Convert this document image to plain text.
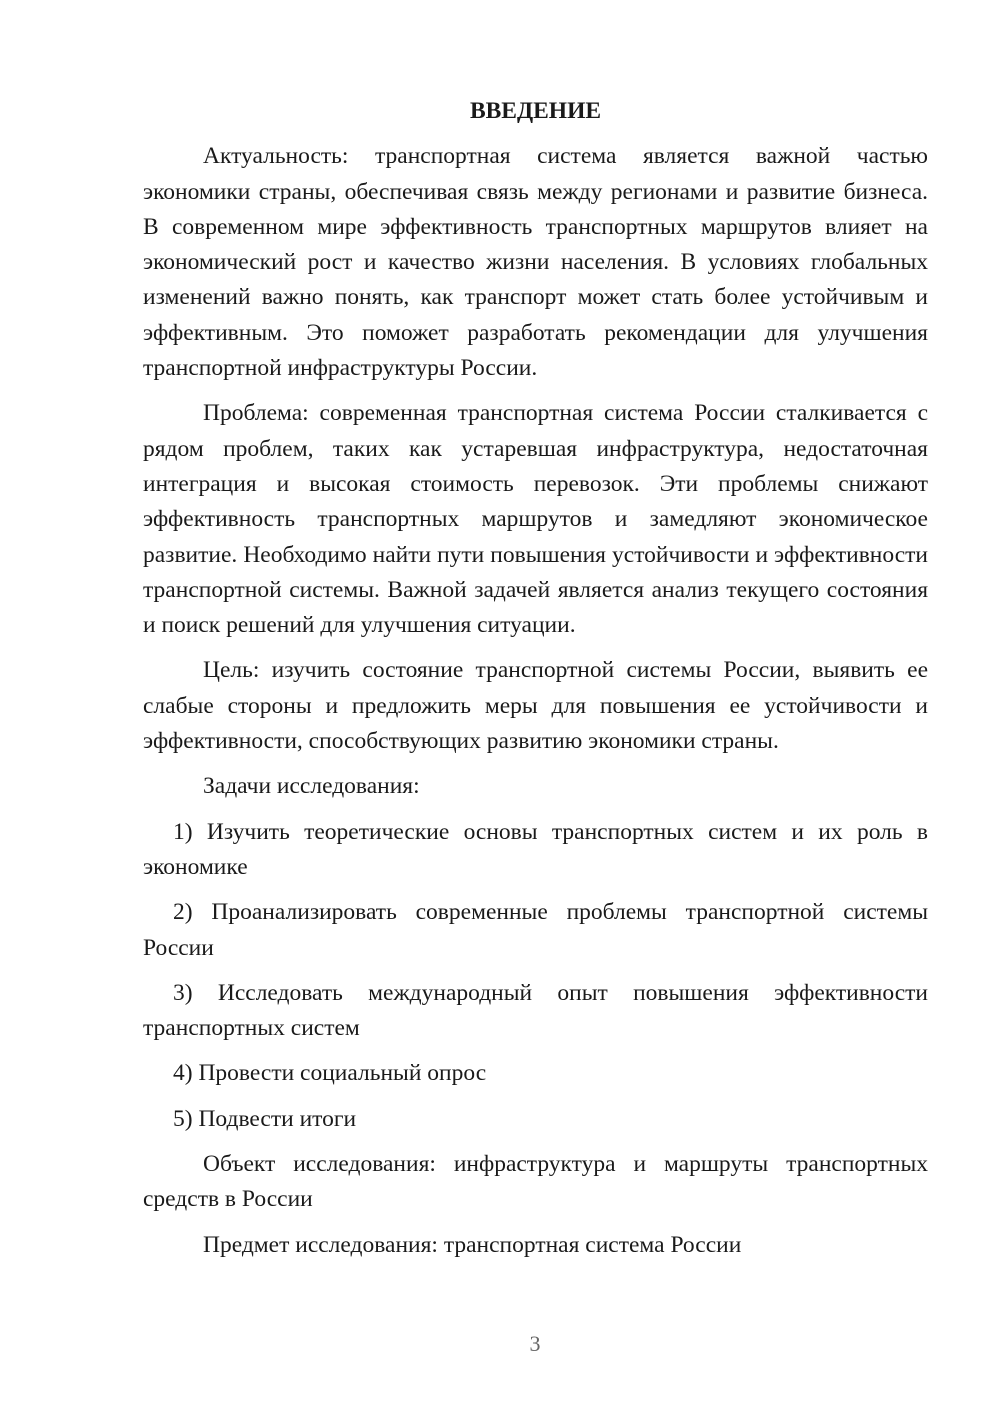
ВВЕДЕНИЕ

Актуальность: транспортная система является важной частью экономики страны, обеспечивая связь между регионами и развитие бизнеса. В современном мире эффективность транспортных маршрутов влияет на экономический рост и качество жизни населения. В условиях глобальных изменений важно понять, как транспорт может стать более устойчивым и эффективным. Это поможет разработать рекомендации для улучшения транспортной инфраструктуры России.

Проблема: современная транспортная система России сталкивается с рядом проблем, таких как устаревшая инфраструктура, недостаточная интеграция и высокая стоимость перевозок. Эти проблемы снижают эффективность транспортных маршрутов и замедляют экономическое развитие. Необходимо найти пути повышения устойчивости и эффективности транспортной системы. Важной задачей является анализ текущего состояния и поиск решений для улучшения ситуации.

Цель: изучить состояние транспортной системы России, выявить ее слабые стороны и предложить меры для повышения ее устойчивости и эффективности, способствующих развитию экономики страны.

Задачи исследования:

1) Изучить теоретические основы транспортных систем и их роль в экономике

2) Проанализировать современные проблемы транспортной системы России

3) Исследовать международный опыт повышения эффективности транспортных систем

4) Провести социальный опрос

5) Подвести итоги

Объект исследования: инфраструктура и маршруты транспортных средств в России

Предмет исследования: транспортная система России

3
